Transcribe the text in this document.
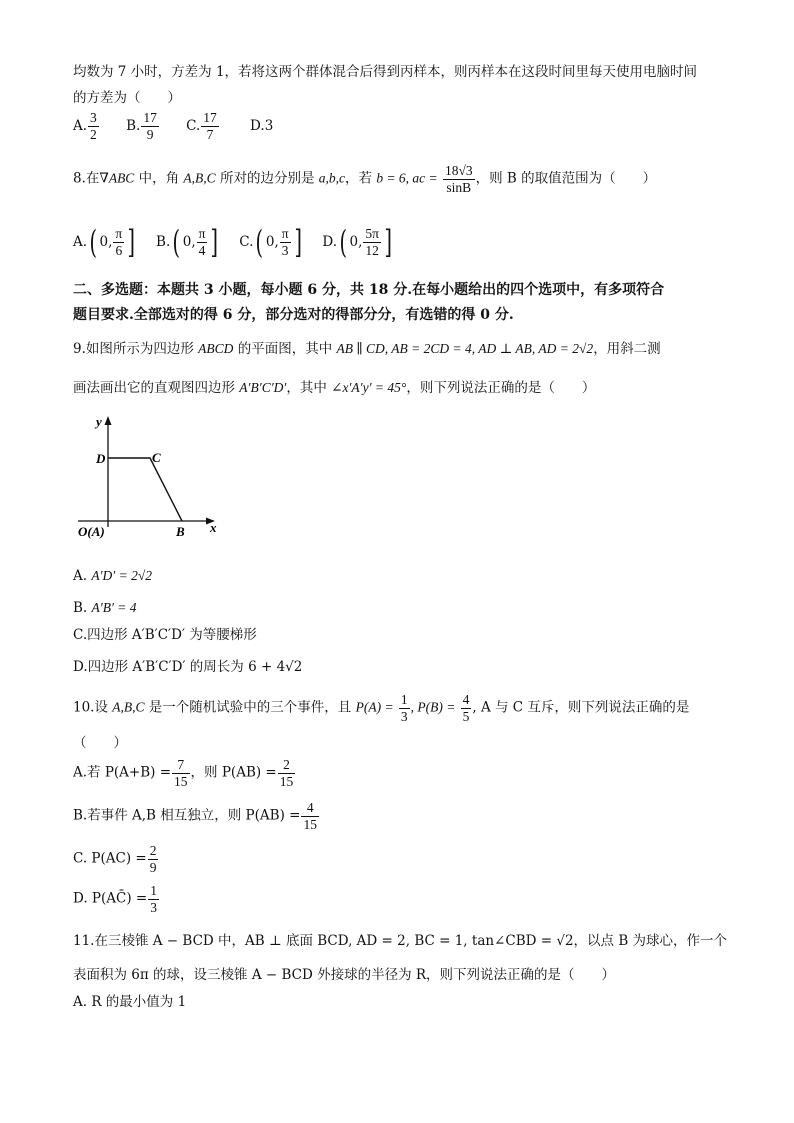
均数为 7 小时，方差为 1，若将这两个群体混合后得到丙样本，则丙样本在这段时间里每天使用电脑时间
的方差为（　　）
A. $\frac{3}{2} B$. $\frac{17}{9} C$. $\frac{17}{7} D.3$
8.在∇ABC 中，角 A,B,C 所对的边分别是 a,b,c，若 b = 6, ac = $\frac{18√3}{\sin B}$ ，则 B 的取值范围为（　　）
A.( 0, $\frac{\pi}{6}$ ] B.( 0, $\frac{\pi}{4}$ ] C.( 0, $\frac{\pi}{3}$ ] D.( 0, $\frac{5\pi}{12}$ ]
二、多选题：本题共 3 小题，每小题 6 分，共 18 分.在每小题给出的四个选项中，有多项符合
题目要求.全部选对的得 6 分，部分选对的得部分分，有选错的得 0 分.
9.如图所示为四边形 ABCD 的平面图，其中 AB ∥ CD, AB = 2CD = 4, AD ⊥ AB, AD = 2√2，用斜二测
画法画出它的直观图四边形 A′B′C′D′，其中 ∠x′A′y′ = 45°，则下列说法正确的是（　　）
y
x
D	C
O(A)	B
A. A′D′ = 2√2
B. A′B′ = 4
C.四边形 A′B′C′D′ 为等腰梯形
D.四边形 A′B′C′D′ 的周长为 6 + 4√2
10.设 A,B,C 是一个随机试验中的三个事件，且 $P(A) = \frac{1}{3}$ , $P(B) = \frac{4}{5}$ , A 与 C 互斥，则下列说法正确的是
（　　）
A.若 $P(A+B) = \frac{7}{15}$ ，则 $P(AB) = \frac{2}{15}$
B.若事件 A,B 相互独立，则 $P(AB) = \frac{4}{15}$
C. $P(AC) = \frac{2}{9}$
D. P(AC̄) = $\frac{1}{3}$
11.在三棱锥 A − BCD 中，AB ⊥ 底面 BCD, AD = 2, BC = 1, tan∠CBD = √2，以点 B 为球心，作一个
表面积为 6π 的球，设三棱锥 A − BCD 外接球的半径为 R，则下列说法正确的是（　　）
A. R 的最小值为 1
